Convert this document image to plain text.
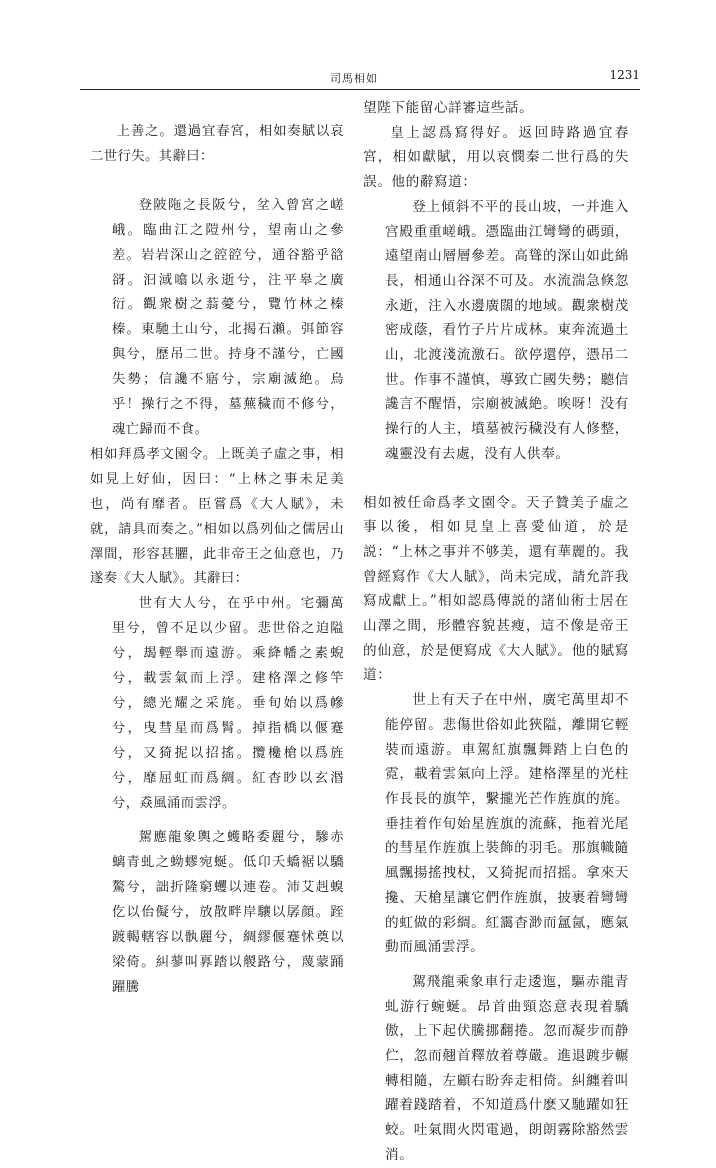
司馬相如	1231

上善之。還過宜春宮，相如奏賦以哀二世行失。其辭曰：

登陂陁之長阪兮，坌入曾宮之嵯峨。臨曲江之隑州兮，望南山之參差。岩岩深山之谾谾兮，通谷豁乎谽谺。汩淢噏以永逝兮，注平皋之廣衍。觀衆樹之蓊薆兮，覽竹林之榛榛。東馳土山兮，北揭石瀨。弭節容與兮，歷吊二世。持身不謹兮，亡國失勢；信讒不寤兮，宗廟滅絶。烏乎！操行之不得，墓蕪穢而不修兮，魂亡歸而不食。

相如拜爲孝文園令。上既美子虛之事，相如見上好仙，因曰：“上林之事未足美也，尚有靡者。臣嘗爲《大人賦》，未就，請具而奏之。”相如以爲列仙之儒居山澤間，形容甚臞，此非帝王之仙意也，乃遂奏《大人賦》。其辭曰：

世有大人兮，在乎中州。宅彌萬里兮，曾不足以少留。悲世俗之迫隘兮，朅輕舉而遠游。乘絳幡之素蜺兮，載雲氣而上浮。建格澤之修竿兮，總光耀之采旄。垂旬始以爲幓兮，曳彗星而爲髾。掉指橋以偃蹇兮，又猗抳以招搖。攬欃槍以爲旌兮，靡屈虹而爲綢。紅杳眇以玄湣兮，猋風涌而雲浮。

駕應龍象輿之蠖略委麗兮，驂赤螭青虬之蚴蟉宛蜒。低卬夭蟜裾以驕驁兮，詘折隆窮蠼以連卷。沛艾赳螑仡以佁儗兮，放散畔岸驤以孱顔。跮踱輵轄容以骫麗兮，綢繆偃蹇怵奠以梁倚。糾蓼叫奡踏以艐路兮，蔑蒙踊躍騰

望陛下能留心詳審這些話。

皇上認爲寫得好。返回時路過宜春宮，相如獻賦，用以哀憫秦二世行爲的失誤。他的辭寫道：

登上傾斜不平的長山坡，一并進入宫殿重重嵯峨。憑臨曲江彎彎的碼頭，遠望南山層層參差。高聳的深山如此綿長，相通山谷深不可及。水流湍急倏忽永逝，注入水邊廣闊的地域。觀衆樹茂密成蔭，看竹子片片成林。東奔流過土山，北渡淺流激石。欲停還停，憑吊二世。作事不謹慎，導致亡國失勢；聽信讒言不醒悟，宗廟被滅絶。唉呀！没有操行的人主，墳墓被污穢没有人修整，魂靈没有去處，没有人供奉。

相如被任命爲孝文園令。天子贊美子虛之事以後，相如見皇上喜愛仙道，於是説：“上林之事并不够美，還有華麗的。我曾經寫作《大人賦》，尚未完成，請允許我寫成獻上。”相如認爲傳説的諸仙術士居在山澤之間，形體容貌甚瘦，這不像是帝王的仙意，於是便寫成《大人賦》。他的賦寫道：

世上有天子在中州，廣宅萬里却不能停留。悲傷世俗如此狹隘，離開它輕裝而遠游。車駕紅旗飄舞踏上白色的霓，載着雲氣向上浮。建格澤星的光柱作長長的旗竿，繫攏光芒作旌旗的旄。垂挂着作旬始星旌旗的流蘇，拖着光尾的彗星作旌旗上裝飾的羽毛。那旗幟隨風飄揚搖拽杖，又猗抳而招摇。拿來天攙、天槍星讓它們作旌旗，披裹着彎彎的虹做的彩綢。紅靄杳渺而氲氤，應氣動而風涌雲浮。

駕飛龍乘象車行走逶迤，驅赤龍青虬游行蜿蜒。昂首曲頸恣意表現着驕傲，上下起伏騰挪翻捲。忽而凝步而静伫，忽而翹首釋放着尊嚴。進退踱步輾轉相隨，左顧右盼奔走相倚。糾纏着叫躍着踐踏着，不知道爲什麽又馳躍如狂蛟。吐氣間火閃電過，朗朗霧除豁然雲消。
